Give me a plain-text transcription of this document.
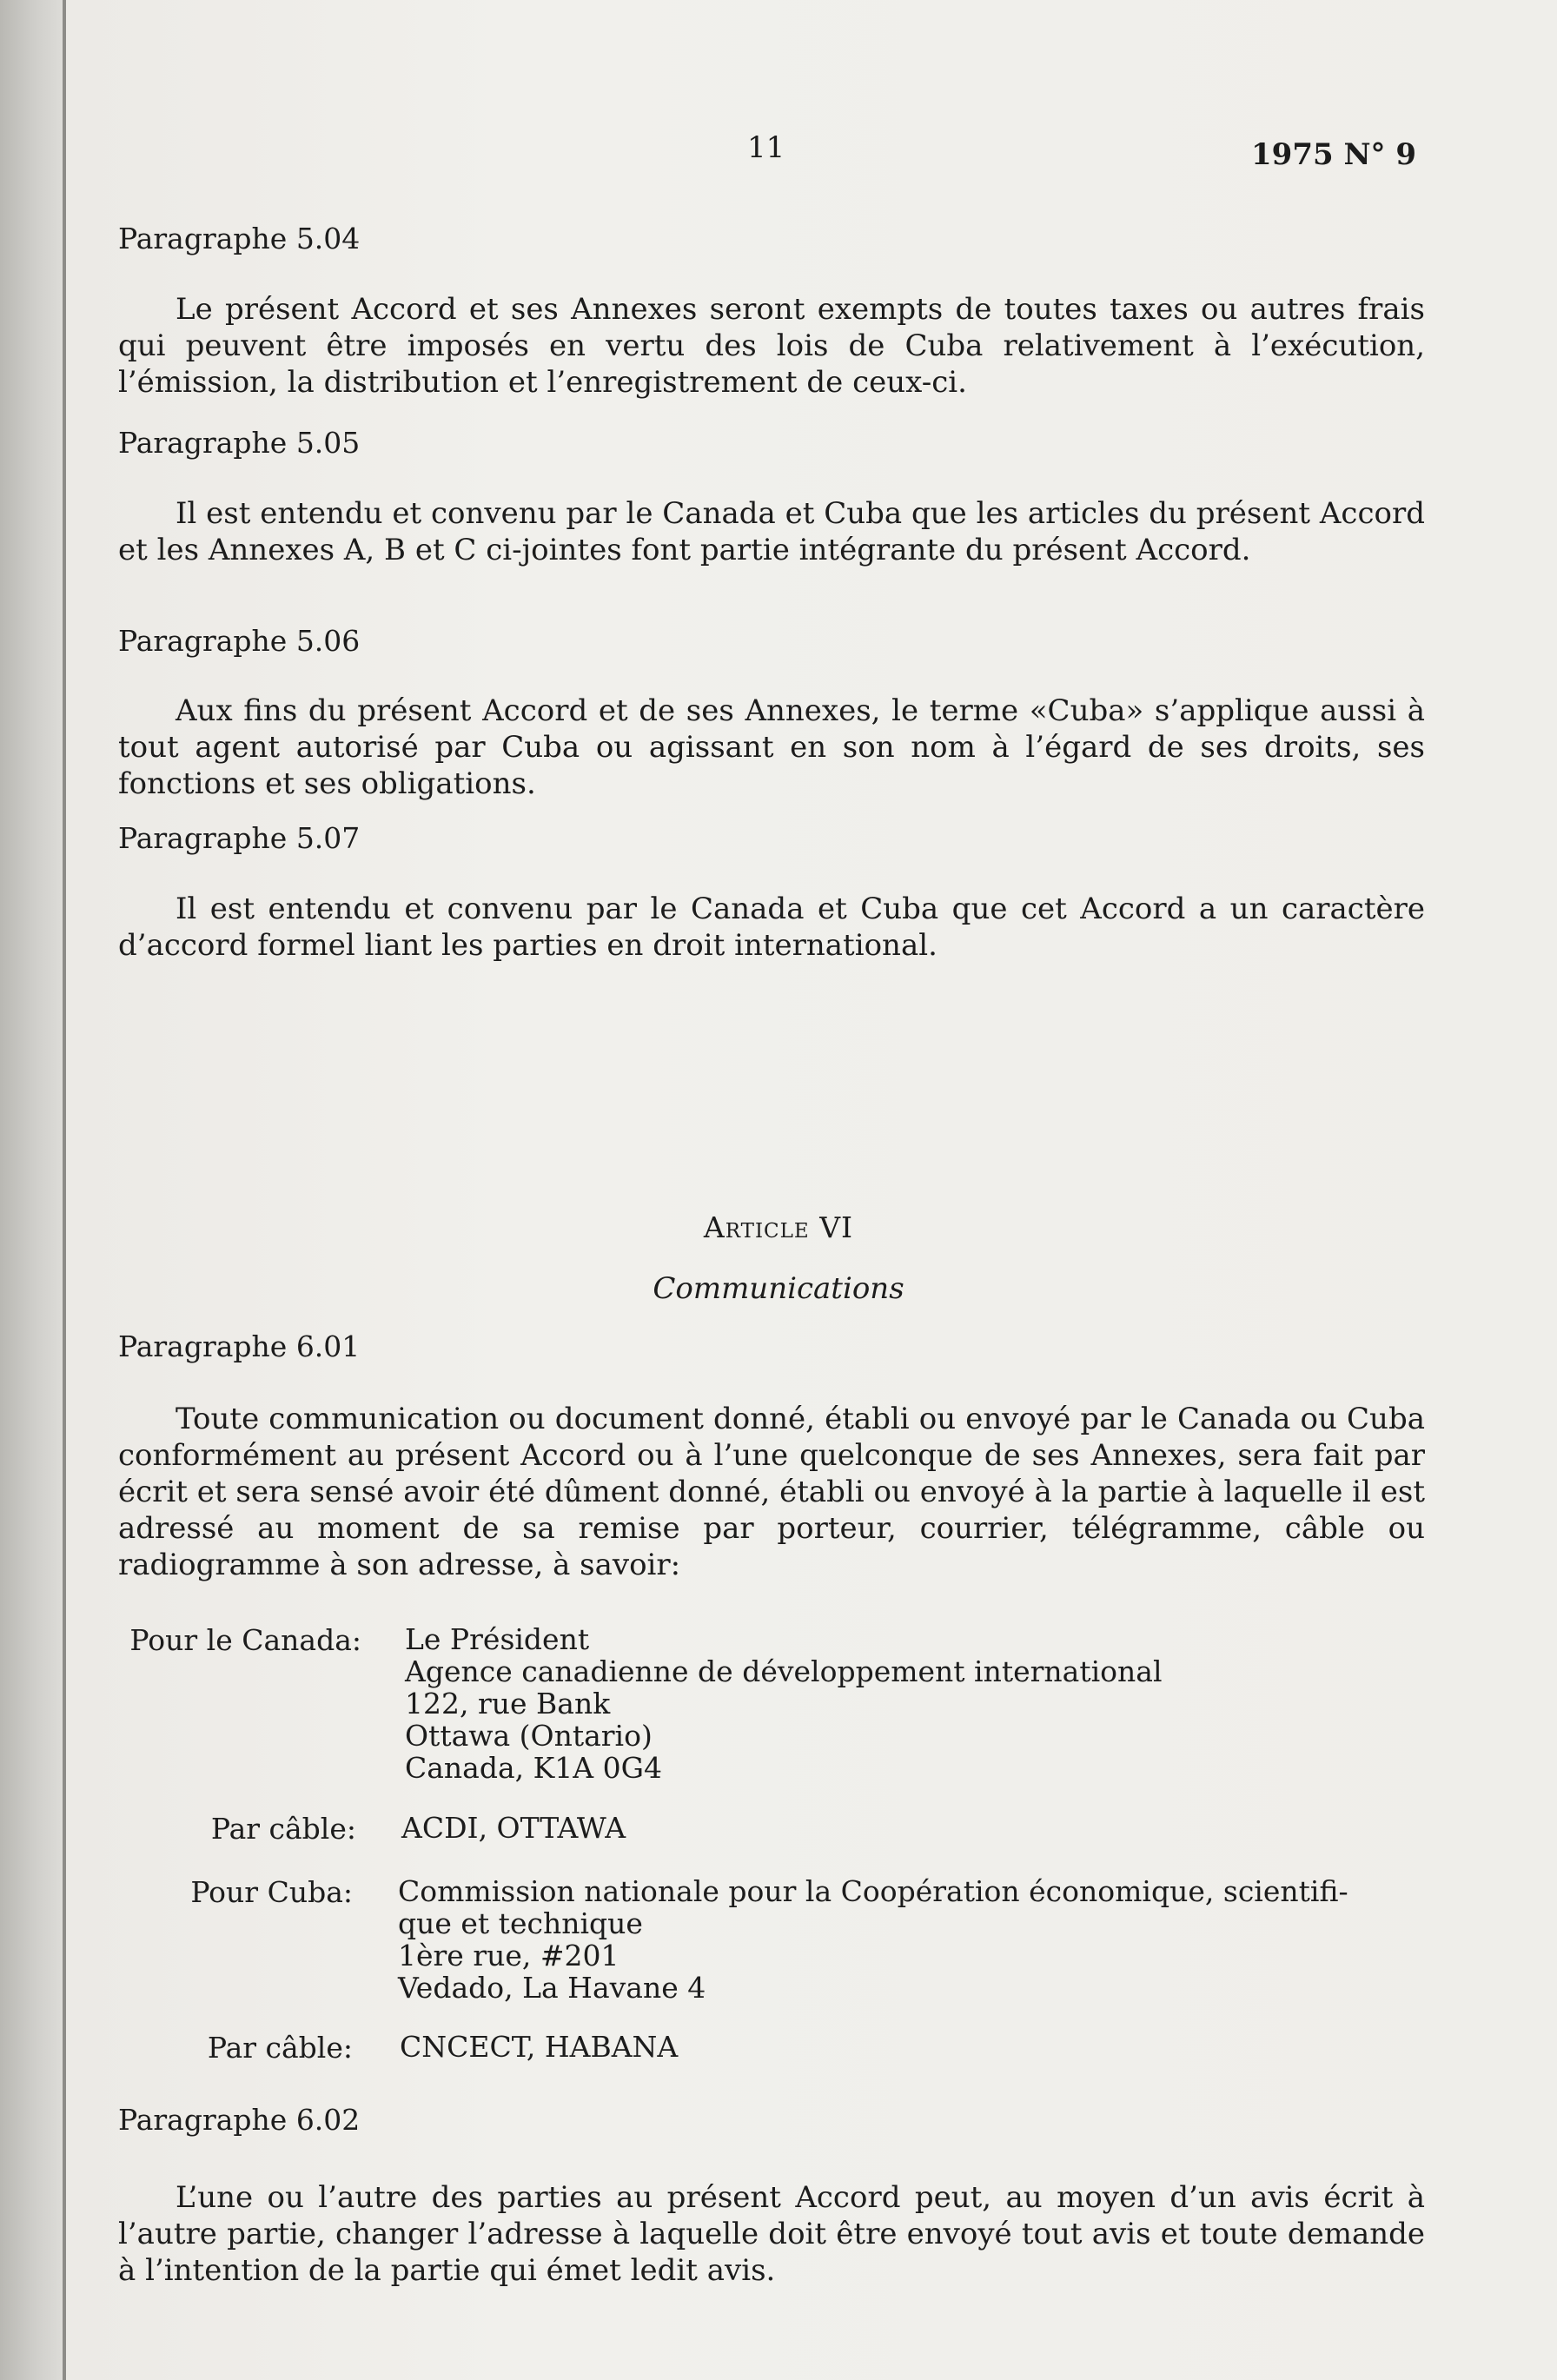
11	1975 N° 9
Paragraphe 5.04

Le présent Accord et ses Annexes seront exempts de toutes taxes ou autres frais qui peuvent être imposés en vertu des lois de Cuba relativement à l’exécution, l’émission, la distribution et l’enregistrement de ceux-ci.

Paragraphe 5.05

Il est entendu et convenu par le Canada et Cuba que les articles du présent Accord et les Annexes A, B et C ci-jointes font partie intégrante du présent Accord.

Paragraphe 5.06

Aux fins du présent Accord et de ses Annexes, le terme «Cuba» s’applique aussi à tout agent autorisé par Cuba ou agissant en son nom à l’égard de ses droits, ses fonctions et ses obligations.

Paragraphe 5.07

Il est entendu et convenu par le Canada et Cuba que cet Accord a un caractère d’accord formel liant les parties en droit international.

Article VI
Communications
Paragraphe 6.01

Toute communication ou document donné, établi ou envoyé par le Canada ou Cuba conformément au présent Accord ou à l’une quelconque de ses Annexes, sera fait par écrit et sera sensé avoir été dûment donné, établi ou envoyé à la partie à laquelle il est adressé au moment de sa remise par porteur, courrier, télégramme, câble ou radiogramme à son adresse, à savoir:

Pour le Canada: Le Président
Agence canadienne de développement international
122, rue Bank
Ottawa (Ontario)
Canada, K1A 0G4
Par câble: ACDI, OTTAWA
Pour Cuba: Commission nationale pour la Coopération économique, scientifi-
que et technique
1ère rue, #201
Vedado, La Havane 4
Par câble: CNCECT, HABANA
Paragraphe 6.02

L’une ou l’autre des parties au présent Accord peut, au moyen d’un avis écrit à l’autre partie, changer l’adresse à laquelle doit être envoyé tout avis et toute demande à l’intention de la partie qui émet ledit avis.
